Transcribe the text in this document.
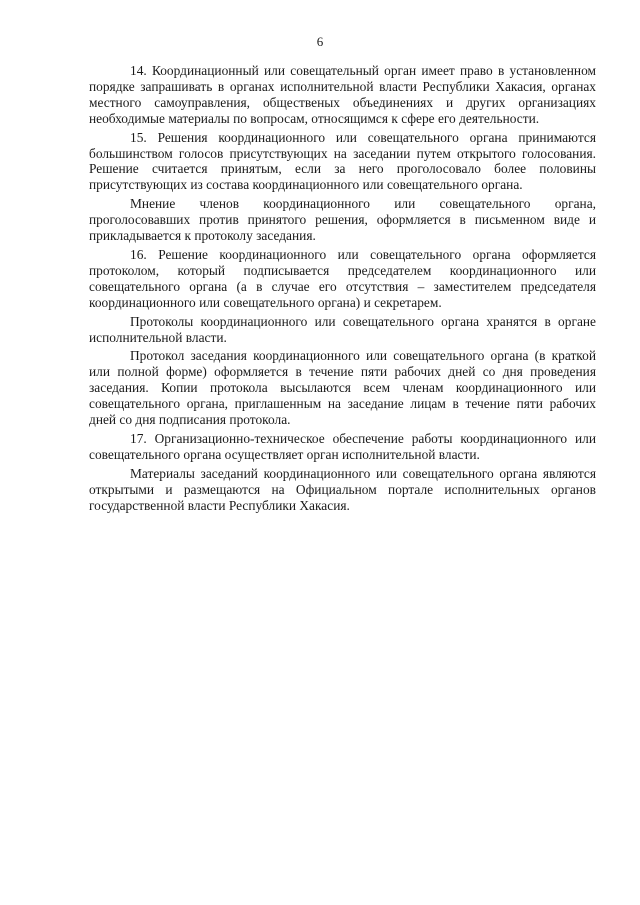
6

14. Координационный или совещательный орган имеет право в установленном порядке запрашивать в органах исполнительной власти Республики Хакасия, органах местного самоуправления, общественых объединениях и других организациях необходимые материалы по вопросам, относящимся к сфере его деятельности.

15. Решения координационного или совещательного органа принимаются большинством голосов присутствующих на заседании путем открытого голосования. Решение считается принятым, если за него проголосовало более половины присутствующих из состава координационного или совещательного органа.

Мнение членов координационного или совещательного органа, проголосовавших против принятого решения, оформляется в письменном виде и прикладывается к протоколу заседания.

16. Решение координационного или совещательного органа оформляется протоколом, который подписывается председателем координационного или совещательного органа (а в случае его отсутствия – заместителем председателя координационного или совещательного органа) и секретарем.

Протоколы координационного или совещательного органа хранятся в органе исполнительной власти.

Протокол заседания координационного или совещательного органа (в краткой или полной форме) оформляется в течение пяти рабочих дней со дня проведения заседания. Копии протокола высылаются всем членам координационного или совещательного органа, приглашенным на заседание лицам в течение пяти рабочих дней со дня подписания протокола.

17. Организационно-техническое обеспечение работы координационного или совещательного органа осуществляет орган исполнительной власти.

Материалы заседаний координационного или совещательного органа являются открытыми и размещаются на Официальном портале исполнительных органов государственной власти Республики Хакасия.
